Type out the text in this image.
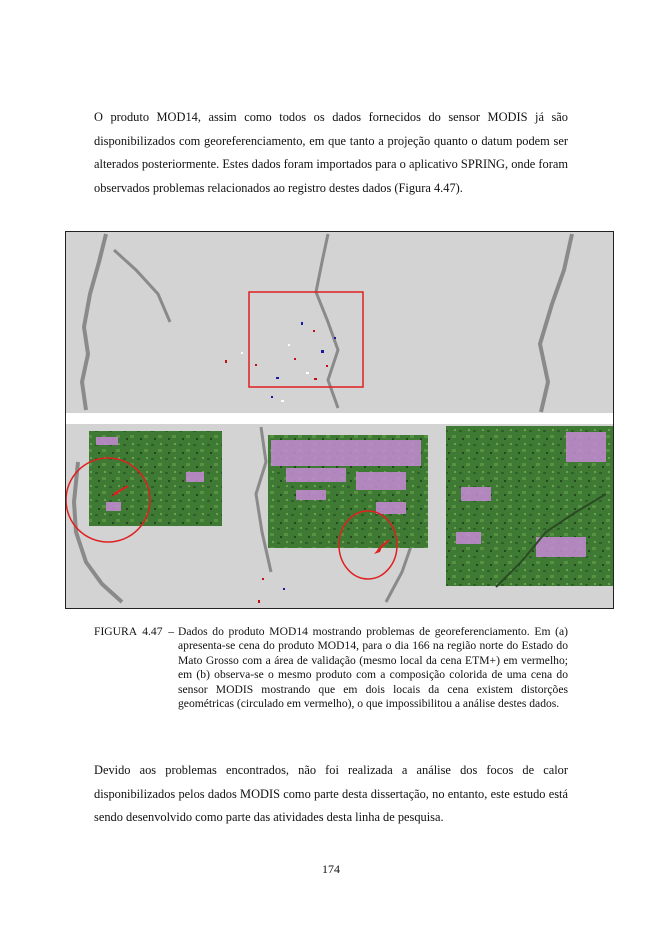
O produto MOD14, assim como todos os dados fornecidos do sensor MODIS já são disponibilizados com georeferenciamento, em que tanto a projeção quanto o datum podem ser alterados posteriormente. Estes dados foram importados para o aplicativo SPRING, onde foram observados problemas relacionados ao registro destes dados (Figura 4.47).

FIGURA 4.47 – Dados do produto MOD14 mostrando problemas de georeferenciamento. Em (a) apresenta-se cena do produto MOD14, para o dia 166 na região norte do Estado do Mato Grosso com a área de validação (mesmo local da cena ETM+) em vermelho; em (b) observa-se o mesmo produto com a composição colorida de uma cena do sensor MODIS mostrando que em dois locais da cena existem distorções geométricas (circulado em vermelho), o que impossibilitou a análise destes dados.

Devido aos problemas encontrados, não foi realizada a análise dos focos de calor disponibilizados pelos dados MODIS como parte desta dissertação, no entanto, este estudo está sendo desenvolvido como parte das atividades desta linha de pesquisa.

174
